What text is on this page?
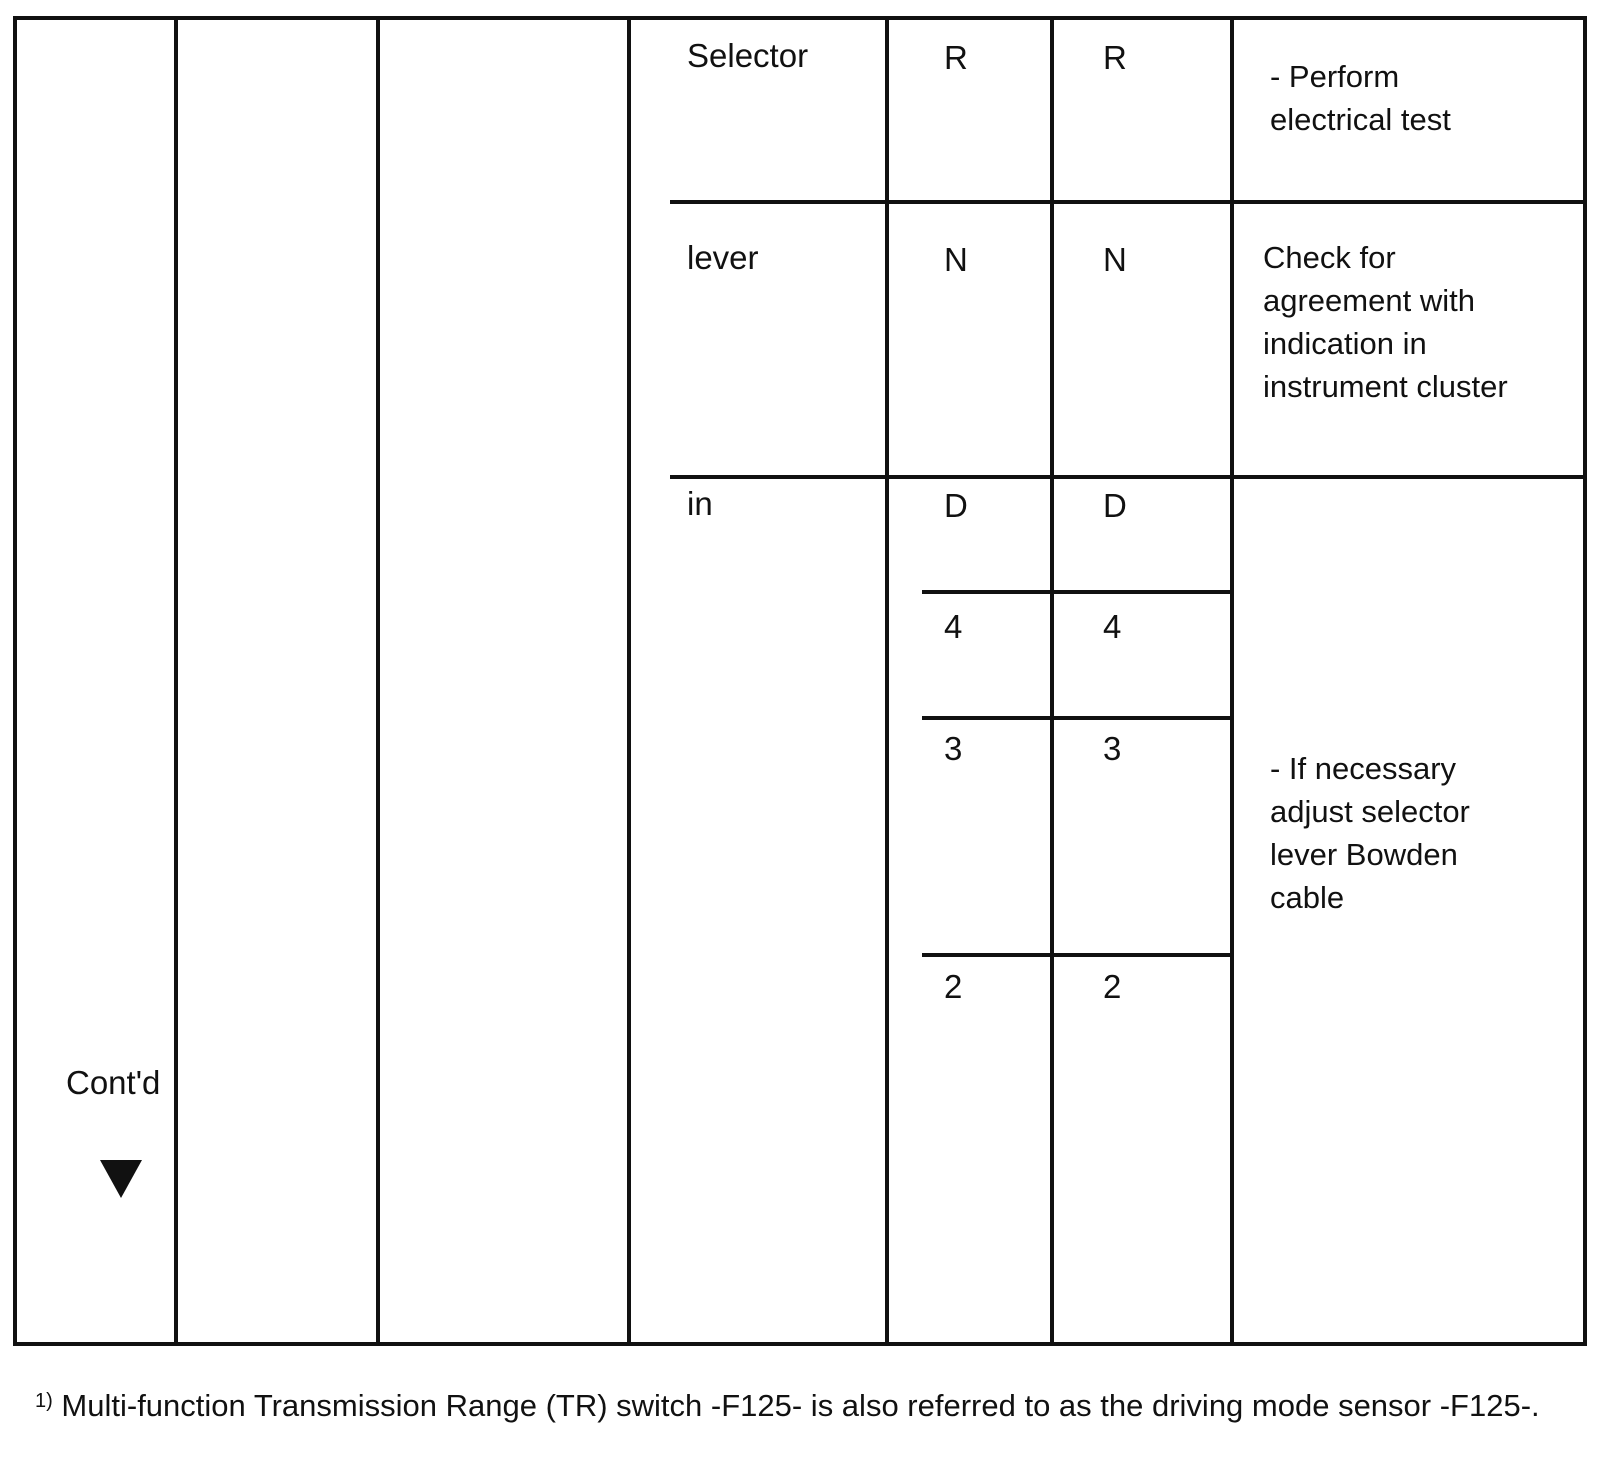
Selector
lever
in
R
N
D
4
3
2
R
N
D
4
3
2
- Perform
electrical test
Check for
agreement with
indication in
instrument cluster
- If necessary
adjust selector
lever Bowden
cable
Cont'd
$^{1)}$ Multi-function Transmission Range (TR) switch -F125- is also referred to as the driving mode sensor -F125-.
